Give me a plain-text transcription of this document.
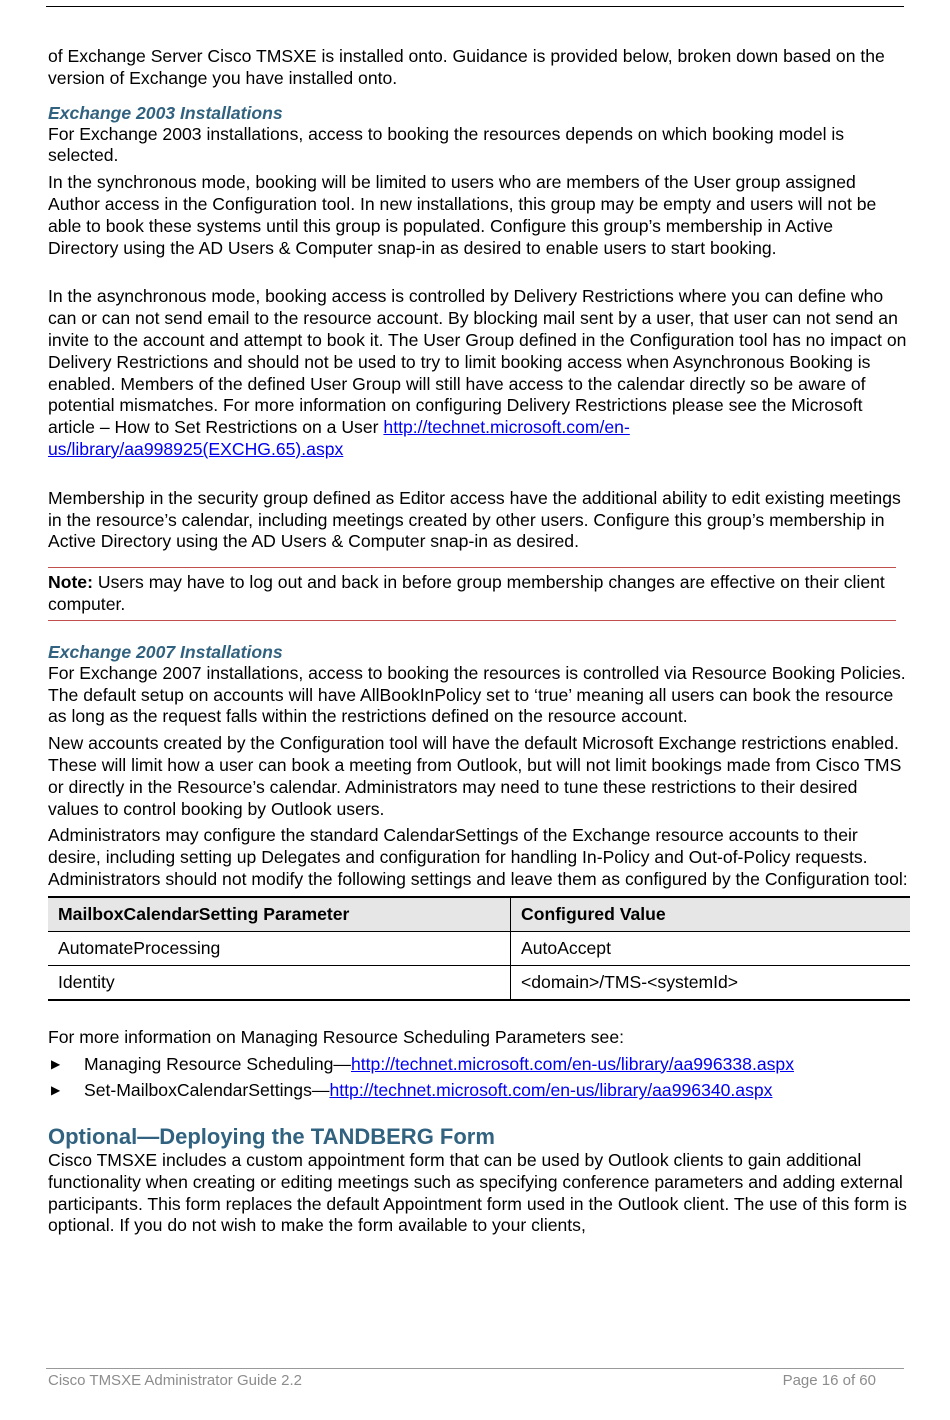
of Exchange Server Cisco TMSXE is installed onto. Guidance is provided below, broken down based on the version of Exchange you have installed onto.

Exchange 2003 Installations

For Exchange 2003 installations, access to booking the resources depends on which booking model is selected.

In the synchronous mode, booking will be limited to users who are members of the User group assigned Author access in the Configuration tool. In new installations, this group may be empty and users will not be able to book these systems until this group is populated. Configure this group’s membership in Active Directory using the AD Users & Computer snap-in as desired to enable users to start booking.

In the asynchronous mode, booking access is controlled by Delivery Restrictions where you can define who can or can not send email to the resource account. By blocking mail sent by a user, that user can not send an invite to the account and attempt to book it. The User Group defined in the Configuration tool has no impact on Delivery Restrictions and should not be used to try to limit booking access when Asynchronous Booking is enabled. Members of the defined User Group will still have access to the calendar directly so be aware of potential mismatches. For more information on configuring Delivery Restrictions please see the Microsoft article – How to Set Restrictions on a User http://technet.microsoft.com/en-us/library/aa998925(EXCHG.65).aspx

Membership in the security group defined as Editor access have the additional ability to edit existing meetings in the resource’s calendar, including meetings created by other users. Configure this group’s membership in Active Directory using the AD Users & Computer snap-in as desired.

Note: Users may have to log out and back in before group membership changes are effective on their client computer.

Exchange 2007 Installations

For Exchange 2007 installations, access to booking the resources is controlled via Resource Booking Policies. The default setup on accounts will have AllBookInPolicy set to ‘true’ meaning all users can book the resource as long as the request falls within the restrictions defined on the resource account.

New accounts created by the Configuration tool will have the default Microsoft Exchange restrictions enabled. These will limit how a user can book a meeting from Outlook, but will not limit bookings made from Cisco TMS or directly in the Resource’s calendar. Administrators may need to tune these restrictions to their desired values to control booking by Outlook users.

Administrators may configure the standard CalendarSettings of the Exchange resource accounts to their desire, including setting up Delegates and configuration for handling In-Policy and Out-of-Policy requests. Administrators should not modify the following settings and leave them as configured by the Configuration tool:

MailboxCalendarSetting Parameter	Configured Value
AutomateProcessing	AutoAccept
Identity	<domain>/TMS-<systemId>

For more information on Managing Resource Scheduling Parameters see:

▶ Managing Resource Scheduling—http://technet.microsoft.com/en-us/library/aa996338.aspx
▶ Set-MailboxCalendarSettings—http://technet.microsoft.com/en-us/library/aa996340.aspx
Optional—Deploying the TANDBERG Form

Cisco TMSXE includes a custom appointment form that can be used by Outlook clients to gain additional functionality when creating or editing meetings such as specifying conference parameters and adding external participants. This form replaces the default Appointment form used in the Outlook client. The use of this form is optional. If you do not wish to make the form available to your clients,

Cisco TMSXE Administrator Guide 2.2	Page 16 of 60
